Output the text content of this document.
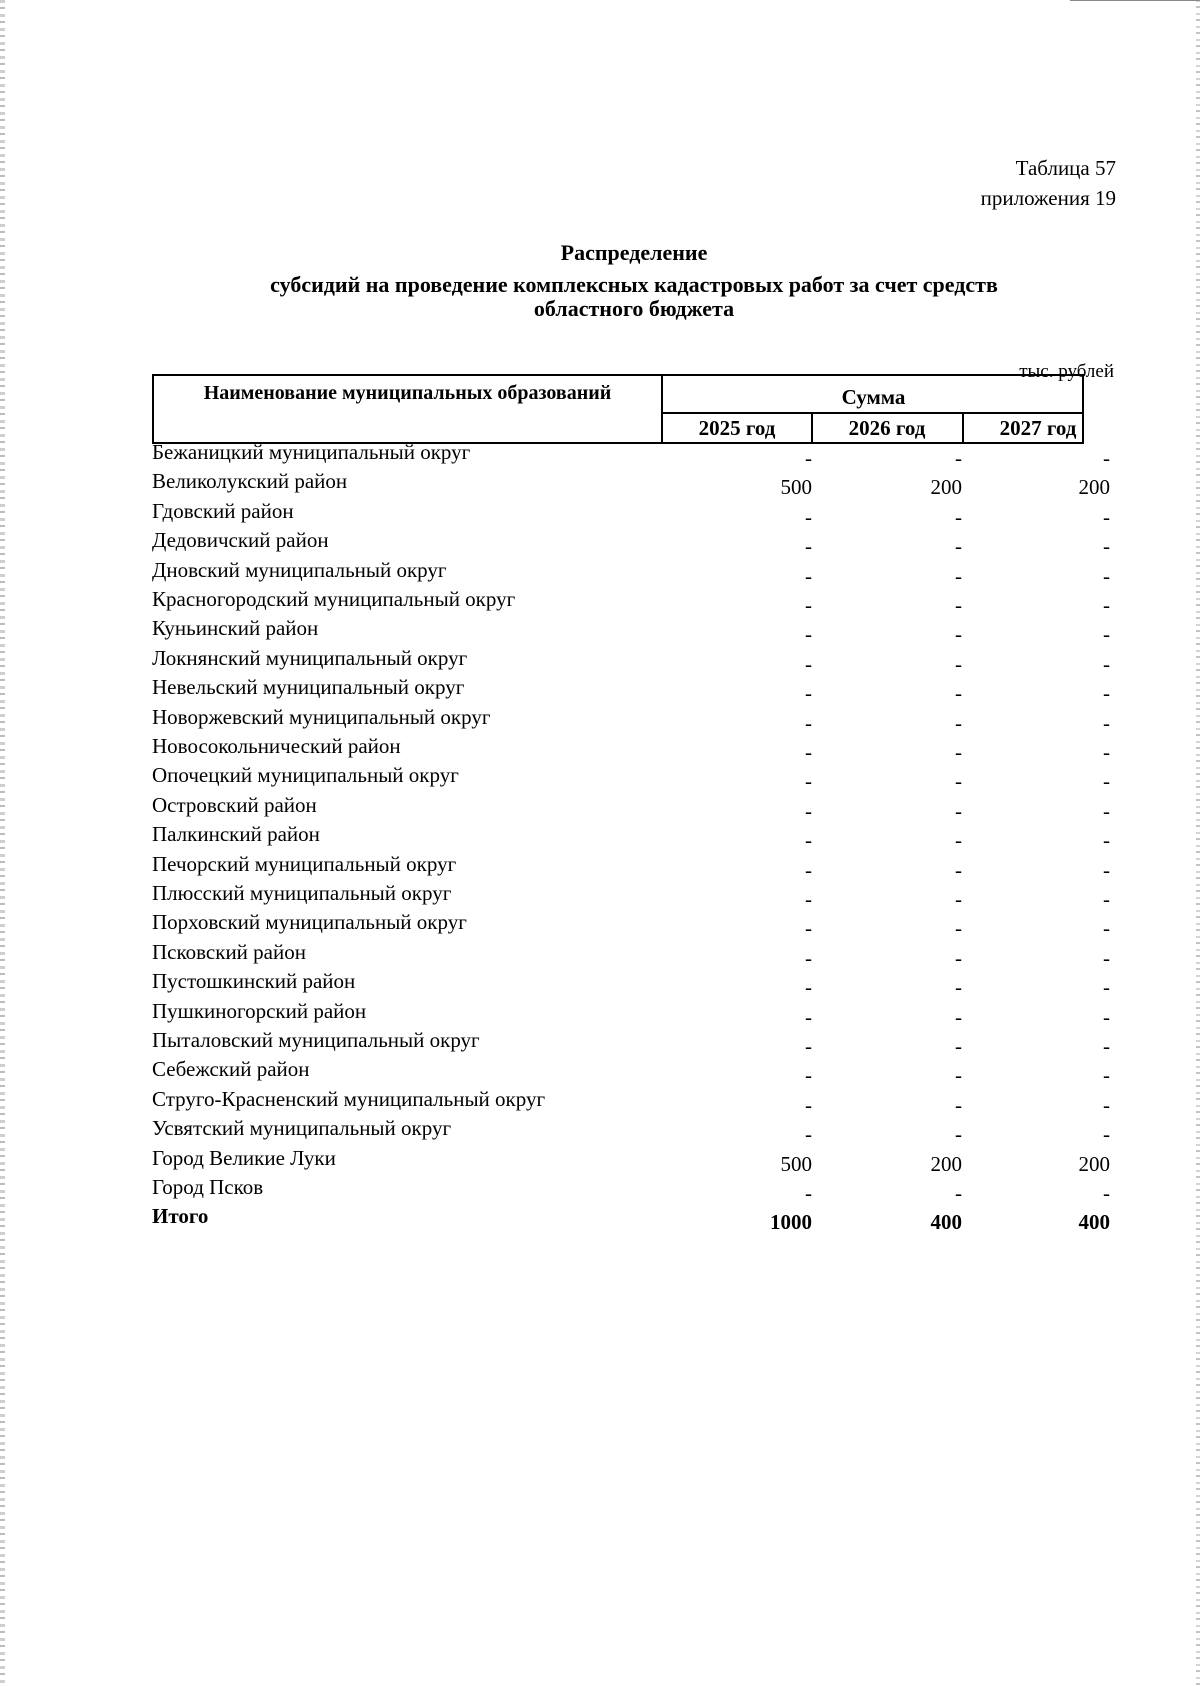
Таблица 57
приложения 19
Распределение
субсидий на проведение комплексных кадастровых работ за счет средств
областного бюджета
тыс. рублей
Наименование муниципальных образований	Сумма
2025 год	2026 год	2027 год
Бежаницкий муниципальный округ	-	-	-
Великолукский район	500	200	200
Гдовский район	-	-	-
Дедовичский район	-	-	-
Дновский муниципальный округ	-	-	-
Красногородский муниципальный округ	-	-	-
Куньинский район	-	-	-
Локнянский муниципальный округ	-	-	-
Невельский муниципальный округ	-	-	-
Новоржевский муниципальный округ	-	-	-
Новосокольнический район	-	-	-
Опочецкий муниципальный округ	-	-	-
Островский район	-	-	-
Палкинский район	-	-	-
Печорский муниципальный округ	-	-	-
Плюсский муниципальный округ	-	-	-
Порховский муниципальный округ	-	-	-
Псковский район	-	-	-
Пустошкинский район	-	-	-
Пушкиногорский район	-	-	-
Пыталовский муниципальный округ	-	-	-
Себежский район	-	-	-
Струго-Красненский муниципальный округ	-	-	-
Усвятский муниципальный округ	-	-	-
Город Великие Луки	500	200	200
Город Псков	-	-	-
Итого	1000	400	400
